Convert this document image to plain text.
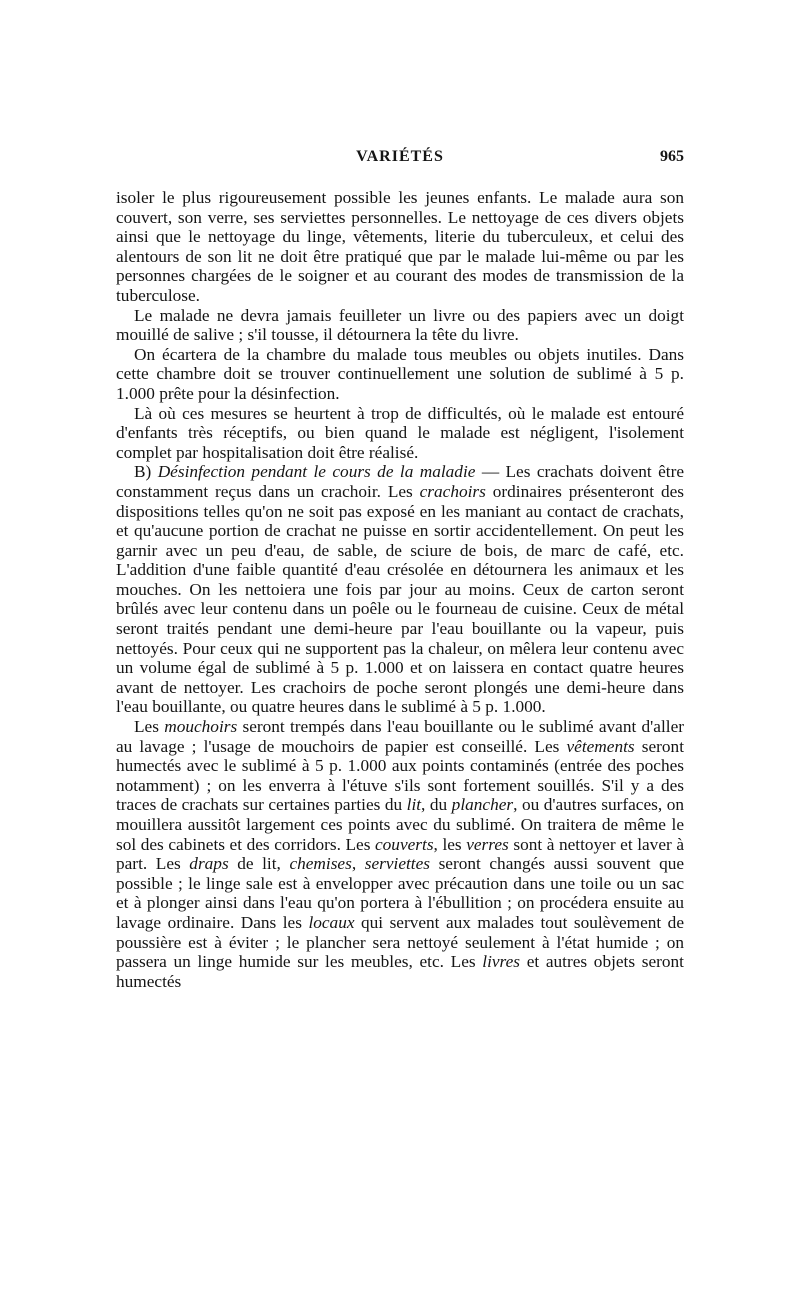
VARIÉTÉS	965

isoler le plus rigoureusement possible les jeunes enfants. Le malade aura son couvert, son verre, ses serviettes personnelles. Le nettoyage de ces divers objets ainsi que le nettoyage du linge, vêtements, literie du tuberculeux, et celui des alentours de son lit ne doit être pratiqué que par le malade lui-même ou par les personnes chargées de le soigner et au courant des modes de transmission de la tuberculose.

Le malade ne devra jamais feuilleter un livre ou des papiers avec un doigt mouillé de salive ; s'il tousse, il détournera la tête du livre.

On écartera de la chambre du malade tous meubles ou objets inutiles. Dans cette chambre doit se trouver continuellement une solution de sublimé à 5 p. 1.000 prête pour la désinfection.

Là où ces mesures se heurtent à trop de difficultés, où le malade est entouré d'enfants très réceptifs, ou bien quand le malade est négligent, l'isolement complet par hospitalisation doit être réalisé.

B) Désinfection pendant le cours de la maladie — Les crachats doivent être constamment reçus dans un crachoir. Les crachoirs ordinaires présenteront des dispositions telles qu'on ne soit pas exposé en les maniant au contact de crachats, et qu'aucune portion de crachat ne puisse en sortir accidentellement. On peut les garnir avec un peu d'eau, de sable, de sciure de bois, de marc de café, etc. L'addition d'une faible quantité d'eau crésolée en détournera les animaux et les mouches. On les nettoiera une fois par jour au moins. Ceux de carton seront brûlés avec leur contenu dans un poêle ou le fourneau de cuisine. Ceux de métal seront traités pendant une demi-heure par l'eau bouillante ou la vapeur, puis nettoyés. Pour ceux qui ne supportent pas la chaleur, on mêlera leur contenu avec un volume égal de sublimé à 5 p. 1.000 et on laissera en contact quatre heures avant de nettoyer. Les crachoirs de poche seront plongés une demi-heure dans l'eau bouillante, ou quatre heures dans le sublimé à 5 p. 1.000.

Les mouchoirs seront trempés dans l'eau bouillante ou le sublimé avant d'aller au lavage ; l'usage de mouchoirs de papier est conseillé. Les vêtements seront humectés avec le sublimé à 5 p. 1.000 aux points contaminés (entrée des poches notamment) ; on les enverra à l'étuve s'ils sont fortement souillés. S'il y a des traces de crachats sur certaines parties du lit, du plancher, ou d'autres surfaces, on mouillera aussitôt largement ces points avec du sublimé. On traitera de même le sol des cabinets et des corridors. Les couverts, les verres sont à nettoyer et laver à part. Les draps de lit, chemises, serviettes seront changés aussi souvent que possible ; le linge sale est à envelopper avec précaution dans une toile ou un sac et à plonger ainsi dans l'eau qu'on portera à l'ébullition ; on procédera ensuite au lavage ordinaire. Dans les locaux qui servent aux malades tout soulèvement de poussière est à éviter ; le plancher sera nettoyé seulement à l'état humide ; on passera un linge humide sur les meubles, etc. Les livres et autres objets seront humectés
